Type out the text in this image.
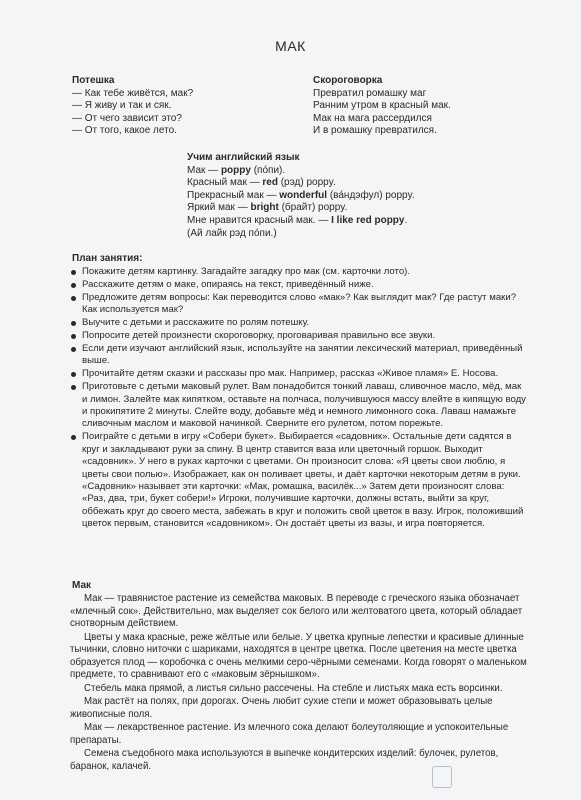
МАК
Потешка
— Как тебе живётся, мак?
— Я живу и так и сяк.
— От чего зависит это?
— От того, какое лето.
Скороговорка
Превратил ромашку маг
Ранним утром в красный мак.
Мак на мага рассердился
И в ромашку превратился.
Учим английский язык
Мак — poppy (по́пи).
Красный мак — red (рэд) poppy.
Прекрасный мак — wonderful (ва́ндэфул) poppy.
Яркий мак — bright (брайт) poppy.
Мне нравится красный мак. — I like red poppy.
(Ай лайк рэд по́пи.)
План занятия:
Покажите детям картинку. Загадайте загадку про мак (см. карточки лото).
Расскажите детям о маке, опираясь на текст, приведённый ниже.
Предложите детям вопросы: Как переводится слово «мак»? Как выглядит мак? Где растут маки? Как используется мак?
Выучите с детьми и расскажите по ролям потешку.
Попросите детей произнести скороговорку, проговаривая правильно все звуки.
Если дети изучают английский язык, используйте на занятии лексический материал, приведённый выше.
Прочитайте детям сказки и рассказы про мак. Например, рассказ «Живое пламя» Е. Носова.
Приготовьте с детьми маковый рулет. Вам понадобится тонкий лаваш, сливочное масло, мёд, мак и лимон. Залейте мак кипятком, оставьте на полчаса, получившуюся массу влейте в кипящую воду и прокипятите 2 минуты. Слейте воду, добавьте мёд и немного лимонного сока. Лаваш намажьте сливочным маслом и маковой начинкой. Сверните его рулетом, потом порежьте.
Поиграйте с детьми в игру «Собери букет». Выбирается «садовник». Остальные дети садятся в круг и закладывают руки за спину. В центр ставится ваза или цветочный горшок. Выходит «садовник». У него в руках карточки с цветами. Он произносит слова: «Я цветы свои люблю, я цветы свои полью». Изображает, как он поливает цветы, и даёт карточки некоторым детям в руки. «Садовник» называет эти карточки: «Мак, ромашка, василёк...» Затем дети произносят слова: «Раз, два, три, букет собери!» Игроки, получившие карточки, должны встать, выйти за круг, оббежать круг до своего места, забежать в круг и положить свой цветок в вазу. Игрок, положивший цветок первым, становится «садовником». Он достаёт цветы из вазы, и игра повторяется.
Мак

Мак — травянистое растение из семейства маковых. В переводе с греческого языка обозначает «млечный сок». Действительно, мак выделяет сок белого или желтоватого цвета, который обладает снотворным действием.

Цветы у мака красные, реже жёлтые или белые. У цветка крупные лепестки и красивые длинные тычинки, словно ниточки с шариками, находятся в центре цветка. После цветения на месте цветка образуется плод — коробочка с очень мелкими серо-чёрными семенами. Когда говорят о маленьком предмете, то сравнивают его с «маковым зёрнышком».

Стебель мака прямой, а листья сильно рассечены. На стебле и листьях мака есть ворсинки.

Мак растёт на полях, при дорогах. Очень любит сухие степи и может образовывать целые живописные поля.

Мак — лекарственное растение. Из млечного сока делают болеутоляющие и успокоительные препараты.

Семена съедобного мака используются в выпечке кондитерских изделий: булочек, рулетов, баранок, калачей.
